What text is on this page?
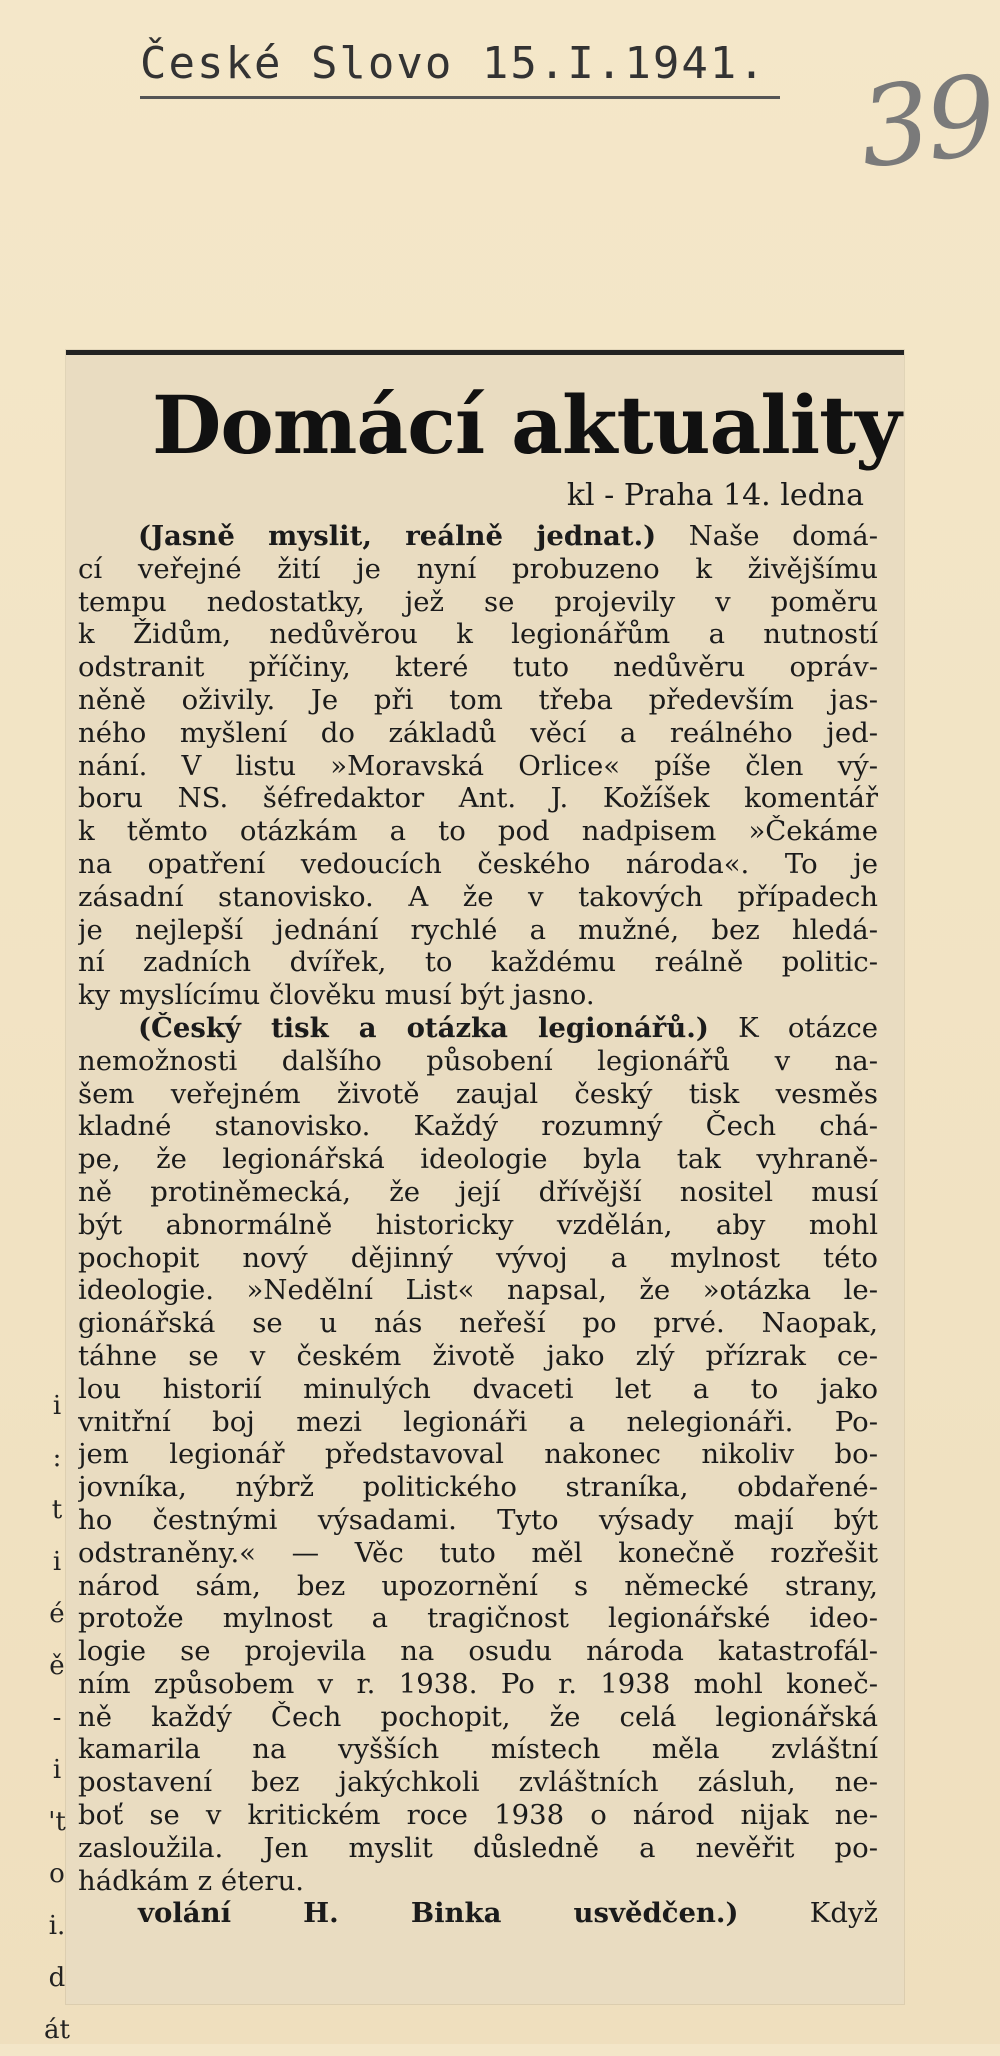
České Slovo 15.I.1941. 39
i
:
t
i
é
ě
-
i
't
o
i.
d
át
Domácí aktuality
kl - Praha 14. ledna
(Jasně myslit, reálně jednat.) Naše domá-
cí veřejné žití je nyní probuzeno k živějšímu
tempu nedostatky, jež se projevily v poměru
k Židům, nedůvěrou k legionářům a nutností
odstranit příčiny, které tuto nedůvěru opráv-
něně oživily. Je při tom třeba především jas-
ného myšlení do základů věcí a reálného jed-
nání. V listu »Moravská Orlice« píše člen vý-
boru NS. šéfredaktor Ant. J. Kožíšek komentář
k těmto otázkám a to pod nadpisem »Čekáme
na opatření vedoucích českého národa«. To je
zásadní stanovisko. A že v takových případech
je nejlepší jednání rychlé a mužné, bez hledá-
ní zadních dvířek, to každému reálně politic-
ky myslícímu člověku musí být jasno.
(Český tisk a otázka legionářů.) K otázce
nemožnosti dalšího působení legionářů v na-
šem veřejném životě zaujal český tisk vesměs
kladné stanovisko. Každý rozumný Čech chá-
pe, že legionářská ideologie byla tak vyhraně-
ně protiněmecká, že její dřívější nositel musí
být abnormálně historicky vzdělán, aby mohl
pochopit nový dějinný vývoj a mylnost této
ideologie. »Nedělní List« napsal, že »otázka le-
gionářská se u nás neřeší po prvé. Naopak,
táhne se v českém životě jako zlý přízrak ce-
lou historií minulých dvaceti let a to jako
vnitřní boj mezi legionáři a nelegionáři. Po-
jem legionář představoval nakonec nikoliv bo-
jovníka, nýbrž politického straníka, obdařené-
ho čestnými výsadami. Tyto výsady mají být
odstraněny.« — Věc tuto měl konečně rozřešit
národ sám, bez upozornění s německé strany,
protože mylnost a tragičnost legionářské ideo-
logie se projevila na osudu národa katastrofál-
ním způsobem v r. 1938. Po r. 1938 mohl koneč-
ně každý Čech pochopit, že celá legionářská
kamarila na vyšších místech měla zvláštní
postavení bez jakýchkoli zvláštních zásluh, ne-
boť se v kritickém roce 1938 o národ nijak ne-
zasloužila. Jen myslit důsledně a nevěřit po-
hádkám z éteru.
volání H. Binka usvědčen.) Když
